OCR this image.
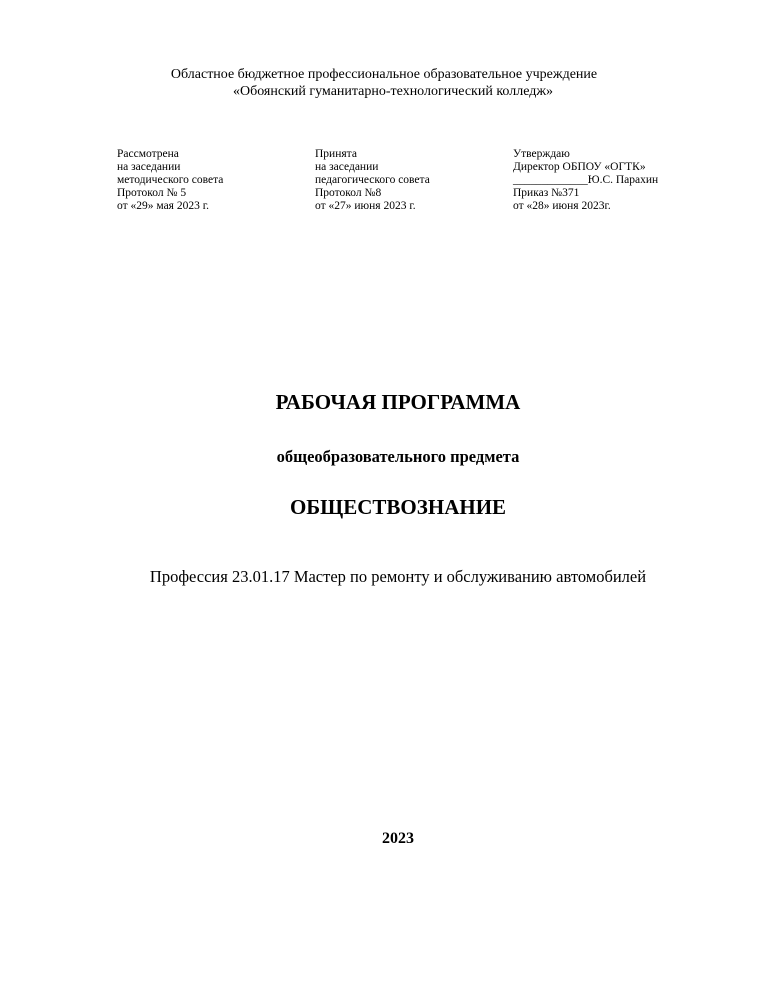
Областное бюджетное профессиональное образовательное учреждение
«Обоянский гуманитарно-технологический колледж»
Рассмотрена
на заседании
методического совета
Протокол № 5
от «29» мая 2023 г.
Принята
на заседании
педагогического совета
Протокол №8
от «27» июня 2023 г.
Утверждаю
Директор ОБПОУ «ОГТК»
_____________Ю.С. Парахин
Приказ №371
от «28» июня 2023г.
РАБОЧАЯ ПРОГРАММА
общеобразовательного предмета
ОБЩЕСТВОЗНАНИЕ
Профессия 23.01.17 Мастер по ремонту и обслуживанию автомобилей
2023
